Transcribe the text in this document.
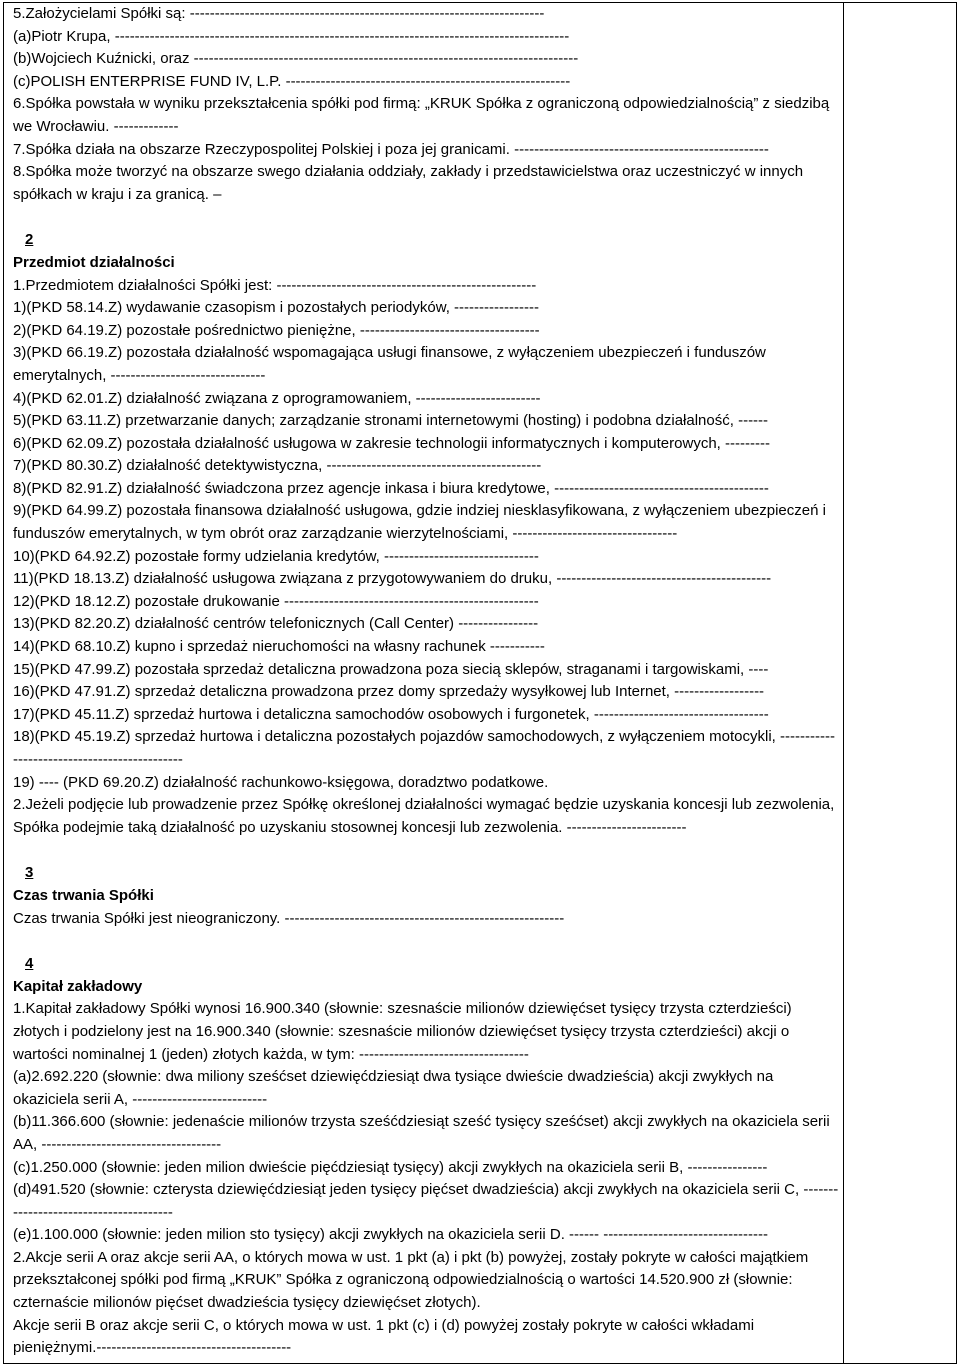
5.Założycielami Spółki są: -----------------------------------------------------------------------
(a)Piotr Krupa, -------------------------------------------------------------------------------------------
(b)Wojciech Kuźnicki, oraz -----------------------------------------------------------------------------
(c)POLISH ENTERPRISE FUND IV, L.P. ---------------------------------------------------------
6.Spółka powstała w wyniku przekształcenia spółki pod firmą: „KRUK Spółka z ograniczoną odpowiedzialnością” z siedzibą we Wrocławiu. -------------
7.Spółka działa na obszarze Rzeczypospolitej Polskiej i poza jej granicami. ---------------------------------------------------
8.Spółka może tworzyć na obszarze swego działania oddziały, zakłady i przedstawicielstwa oraz uczestniczyć w innych spółkach w kraju i za granicą. –
2
Przedmiot działalności
1.Przedmiotem działalności Spółki jest: ----------------------------------------------------
1)(PKD 58.14.Z) wydawanie czasopism i pozostałych periodyków, -----------------
2)(PKD 64.19.Z) pozostałe pośrednictwo pieniężne, ------------------------------------
3)(PKD 66.19.Z) pozostała działalność wspomagająca usługi finansowe, z wyłączeniem ubezpieczeń i funduszów emerytalnych, -------------------------------
4)(PKD 62.01.Z) działalność związana z oprogramowaniem, -------------------------
5)(PKD 63.11.Z) przetwarzanie danych; zarządzanie stronami internetowymi (hosting) i podobna działalność, ------
6)(PKD 62.09.Z) pozostała działalność usługowa w zakresie technologii informatycznych i komputerowych, ---------
7)(PKD 80.30.Z) działalność detektywistyczna, -------------------------------------------
8)(PKD 82.91.Z) działalność świadczona przez agencje inkasa i biura kredytowe, -------------------------------------------
9)(PKD 64.99.Z) pozostała finansowa działalność usługowa, gdzie indziej niesklasyfikowana, z wyłączeniem ubezpieczeń i funduszów emerytalnych, w tym obrót oraz zarządzanie wierzytelnościami, ---------------------------------
10)(PKD 64.92.Z) pozostałe formy udzielania kredytów, -------------------------------
11)(PKD 18.13.Z) działalność usługowa związana z przygotowywaniem do druku, -------------------------------------------
12)(PKD 18.12.Z) pozostałe drukowanie ---------------------------------------------------
13)(PKD 82.20.Z) działalność centrów telefonicznych (Call Center) ----------------
14)(PKD 68.10.Z) kupno i sprzedaż nieruchomości na własny rachunek -----------
15)(PKD 47.99.Z) pozostała sprzedaż detaliczna prowadzona poza siecią sklepów, straganami i targowiskami, ----
16)(PKD 47.91.Z) sprzedaż detaliczna prowadzona przez domy sprzedaży wysyłkowej lub Internet, ------------------
17)(PKD 45.11.Z) sprzedaż hurtowa i detaliczna samochodów osobowych i furgonetek, -----------------------------------
18)(PKD 45.19.Z) sprzedaż hurtowa i detaliczna pozostałych pojazdów samochodowych, z wyłączeniem motocykli, ---------------------------------------------
19) ---- (PKD 69.20.Z) działalność rachunkowo-księgowa, doradztwo podatkowe.
2.Jeżeli podjęcie lub prowadzenie przez Spółkę określonej działalności wymagać będzie uzyskania koncesji lub zezwolenia, Spółka podejmie taką działalność po uzyskaniu stosownej koncesji lub zezwolenia. ------------------------
3
Czas trwania Spółki
Czas trwania Spółki jest nieograniczony. --------------------------------------------------------
4
Kapitał zakładowy
1.Kapitał zakładowy Spółki wynosi 16.900.340 (słownie: szesnaście milionów dziewięćset tysięcy trzysta czterdzieści) złotych i podzielony jest na 16.900.340 (słownie: szesnaście milionów dziewięćset tysięcy trzysta czterdzieści) akcji o wartości nominalnej 1 (jeden) złotych każda, w tym: ----------------------------------
(a)2.692.220 (słownie: dwa miliony sześćset dziewięćdziesiąt dwa tysiące dwieście dwadzieścia) akcji zwykłych na okaziciela serii A, ---------------------------
(b)11.366.600 (słownie: jedenaście milionów trzysta sześćdziesiąt sześć tysięcy sześćset) akcji zwykłych na okaziciela serii AA, ------------------------------------
(c)1.250.000 (słownie: jeden milion dwieście pięćdziesiąt tysięcy) akcji zwykłych na okaziciela serii B, ----------------
(d)491.520 (słownie: czterysta dziewięćdziesiąt jeden tysięcy pięćset dwadzieścia) akcji zwykłych na okaziciela serii C, ---------------------------------------
(e)1.100.000 (słownie: jeden milion sto tysięcy) akcji zwykłych na okaziciela serii D. ------ ---------------------------------
2.Akcje serii A oraz akcje serii AA, o których mowa w ust. 1 pkt (a) i pkt (b) powyżej, zostały pokryte w całości majątkiem przekształconej spółki pod firmą „KRUK” Spółka z ograniczoną odpowiedzialnością o wartości 14.520.900 zł (słownie: czternaście milionów pięćset dwadzieścia tysięcy dziewięćset złotych).
Akcje serii B oraz akcje serii C, o których mowa w ust. 1 pkt (c) i (d) powyżej zostały pokryte w całości wkładami pieniężnymi.---------------------------------------
